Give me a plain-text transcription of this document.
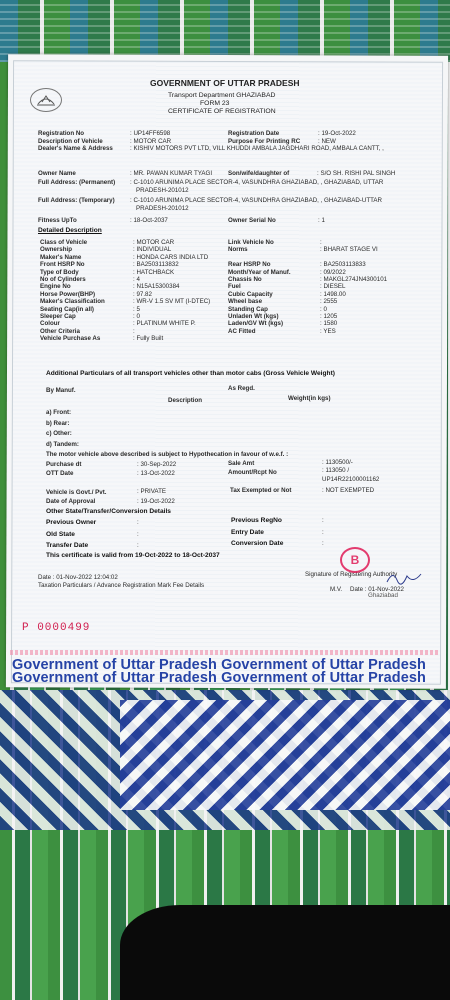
GOVERNMENT OF UTTAR PRADESH
Transport Department GHAZIABAD
FORM 23
CERTIFICATE OF REGISTRATION
Registration No	: UP14FF6598	Registration Date	: 19-Oct-2022
Description of Vehicle	: MOTOR CAR	Purpose For Printing RC	: NEW
Dealer's Name & Address	: KISHIV MOTORS PVT LTD, VILL KHUDDI AMBALA JAGDHARI ROAD, AMBALA CANTT, ,
Owner Name	: MR. PAWAN KUMAR TYAGI	Son/wife/daughter of	: S/O SH. RISHI PAL SINGH
Full Address: (Permanent) : C-1010 ARUNIMA PLACE SECTOR-4, VASUNDHRA GHAZIABAD, , GHAZIABAD, UTTAR
PRADESH-201012
Full Address: (Temporary) : C-1010 ARUNIMA PLACE SECTOR-4, VASUNDHRA GHAZIABAD, , GHAZIABAD-UTTAR
PRADESH-201012
Fitness UpTo	: 18-Oct-2037	Owner Serial No	: 1
Detailed Description
Class of Vehicle	: MOTOR CAR	Link Vehicle No	:
Ownership	: INDIVIDUAL	Norms	: BHARAT STAGE VI
Maker's Name	: HONDA CARS INDIA LTD
Front HSRP No	: BA2503113832	Rear HSRP No	: BA2503113833
Type of Body	: HATCHBACK	Month/Year of Manuf.	: 09/2022
No of Cylinders	: 4	Chassis No	: MAKGL274JN4300101
Engine No	: N15A15300384	Fuel	: DIESEL
Horse Power(BHP)	: 97.82	Cubic Capacity	: 1498.00
Maker's Classification	: WR-V 1.5 SV MT (I-DTEC)	Wheel base	: 2555
Seating Cap(in all)	: 5	Standing Cap	: 0
Sleeper Cap	: 0	Unladen Wt (kgs)	: 1205
Colour	: PLATINUM WHITE P.	Laden/GV Wt (kgs)	: 1580
Other Criteria	:	AC Fitted	: YES
Vehicle Purchase As	: Fully Built
Additional Particulars of all transport vehicles other than motor cabs (Gross Vehicle Weight)
By Manuf.	As Regd.
Description	Weight(in kgs)
a) Front:
b) Rear:
c) Other:
d) Tandem:
The motor vehicle above described is subject to Hypothecation in favour of w.e.f. :
Purchase dt	: 30-Sep-2022	Sale Amt	: 1130500/-
OTT Date	: 13-Oct-2022	Amount/Rcpt No	: 113050 /
UP14R22100001162
Vehicle is Govt./ Pvt.	: PRIVATE	Tax Exempted or Not	: NOT EXEMPTED
Date of Approval	: 19-Oct-2022
Other State/Transfer/Conversion Details
Previous Owner	:	Previous RegNo	:
Old State	:	Entry Date	:
Transfer Date	:	Conversion Date	:
This certificate is valid from 19-Oct-2022 to 18-Oct-2037
Date : 01-Nov-2022 12:04:02
Taxation Particulars / Advance Registration Mark Fee Details
Signature of Registering Authority
M.V. Date : 01-Nov-2022
Ghaziabad
B
P 0000499
Government of Uttar Pradesh Government of Uttar Pradesh
Government of Uttar Pradesh Government of Uttar Pradesh
